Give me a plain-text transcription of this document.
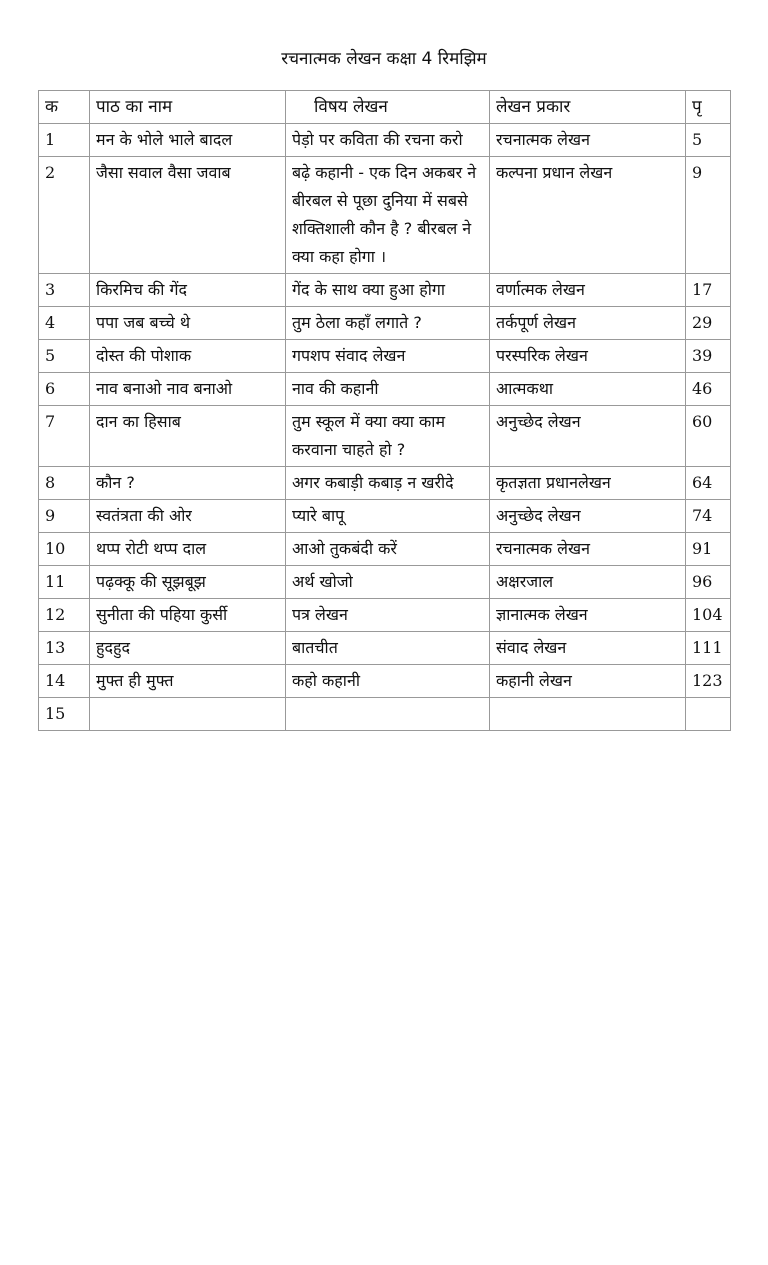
रचनात्मक लेखन कक्षा 4 रिमझिम
क	पाठ का नाम	विषय लेखन	लेखन प्रकार	पृ
1	मन के भोले भाले बादल	पेड़ो पर कविता की रचना करो	रचनात्मक लेखन	5
2	जैसा सवाल वैसा जवाब	बढ़े कहानी - एक दिन अकबर ने बीरबल से पूछा दुनिया में सबसे शक्तिशाली कौन है ? बीरबल ने क्या कहा होगा ।	कल्पना प्रधान लेखन	9
3	किरमिच की गेंद	गेंद के साथ क्या हुआ होगा	वर्णात्मक लेखन	17
4	पपा जब बच्चे थे	तुम ठेला कहाँ लगाते ?	तर्कपूर्ण लेखन	29
5	दोस्त की पोशाक	गपशप संवाद लेखन	परस्परिक लेखन	39
6	नाव बनाओ नाव बनाओ	नाव की कहानी	आत्मकथा	46
7	दान का हिसाब	तुम स्कूल में क्या क्या काम करवाना चाहते हो ?	अनुच्छेद लेखन	60
8	कौन ?	अगर कबाड़ी कबाड़ न खरीदे	कृतज्ञता प्रधानलेखन	64
9	स्वतंत्रता की ओर	प्यारे बापू	अनुच्छेद लेखन	74
10	थप्प रोटी थप्प दाल	आओ तुकबंदी करें	रचनात्मक लेखन	91
11	पढ़क्कू की सूझबूझ	अर्थ खोजो	अक्षरजाल	96
12	सुनीता की पहिया कुर्सी	पत्र लेखन	ज्ञानात्मक लेखन	104
13	हुदहुद	बातचीत	संवाद लेखन	111
14	मुफ्त ही मुफ्त	कहो कहानी	कहानी लेखन	123
15				
